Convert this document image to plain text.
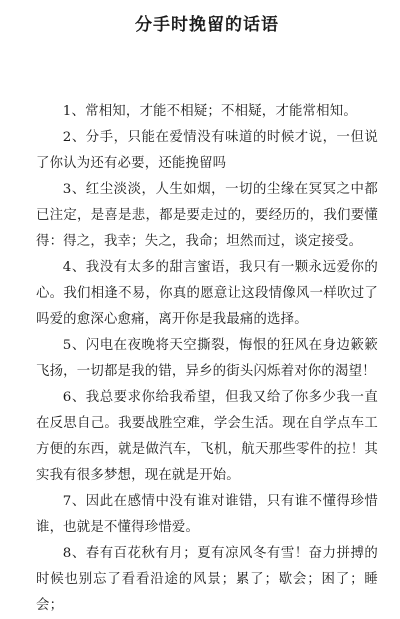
分手时挽留的话语

1、常相知，才能不相疑；不相疑，才能常相知。

2、分手，只能在爱情没有味道的时候才说，一但说了你认为还有必要，还能挽留吗

3、红尘淡淡，人生如烟，一切的尘缘在冥冥之中都已注定，是喜是悲，都是要走过的，要经历的，我们要懂得：得之，我幸；失之，我命；坦然而过，谈定接受。

4、我没有太多的甜言蜜语，我只有一颗永远爱你的心。我们相逢不易，你真的愿意让这段情像风一样吹过了吗爱的愈深心愈痛，离开你是我最痛的选择。

5、闪电在夜晚将天空撕裂，悔恨的狂风在身边簌簌飞扬，一切都是我的错，异乡的街头闪烁着对你的渴望！

6、我总要求你给我希望，但我又给了你多少我一直在反思自己。我要战胜空难，学会生活。现在自学点车工方便的东西，就是做汽车，飞机，航天那些零件的拉！其实我有很多梦想，现在就是开始。

7、因此在感情中没有谁对谁错，只有谁不懂得珍惜谁，也就是不懂得珍惜爱。

8、春有百花秋有月；夏有凉风冬有雪！奋力拼搏的时候也别忘了看看沿途的风景；累了；歇会；困了；睡会；
